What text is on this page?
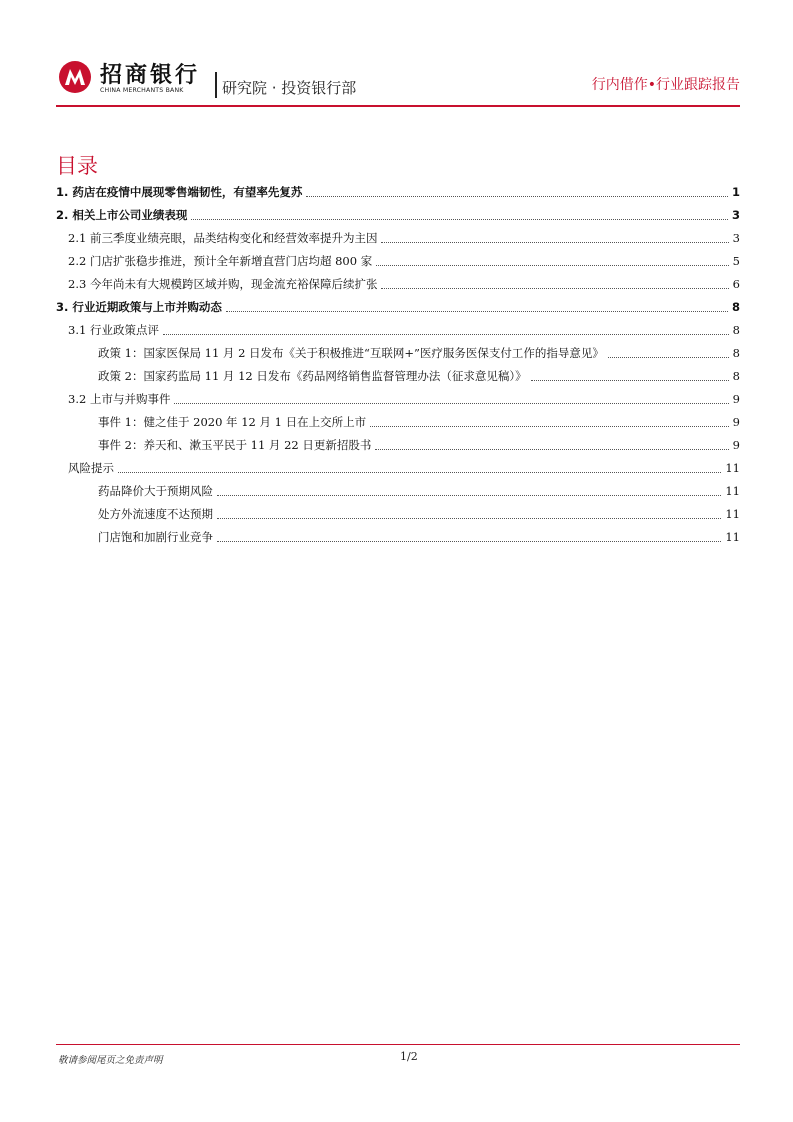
招商银行
CHINA MERCHANTS BANK	研究院 · 投资银行部	行内借作•行业跟踪报告
目录
1. 药店在疫情中展现零售端韧性，有望率先复苏	1
2. 相关上市公司业绩表现	3
2.1 前三季度业绩亮眼，品类结构变化和经营效率提升为主因	3
2.2 门店扩张稳步推进，预计全年新增直营门店均超 800 家	5
2.3 今年尚未有大规模跨区域并购，现金流充裕保障后续扩张	6
3. 行业近期政策与上市并购动态	8
3.1 行业政策点评	8
政策 1：国家医保局 11 月 2 日发布《关于积极推进“互联网+”医疗服务医保支付工作的指导意见》	8
政策 2：国家药监局 11 月 12 日发布《药品网络销售监督管理办法（征求意见稿）》	8
3.2 上市与并购事件	9
事件 1：健之佳于 2020 年 12 月 1 日在上交所上市	9
事件 2：养天和、漱玉平民于 11 月 22 日更新招股书	9
风险提示	11
药品降价大于预期风险	11
处方外流速度不达预期	11
门店饱和加剧行业竞争	11
敬请参阅尾页之免责声明	1/2
